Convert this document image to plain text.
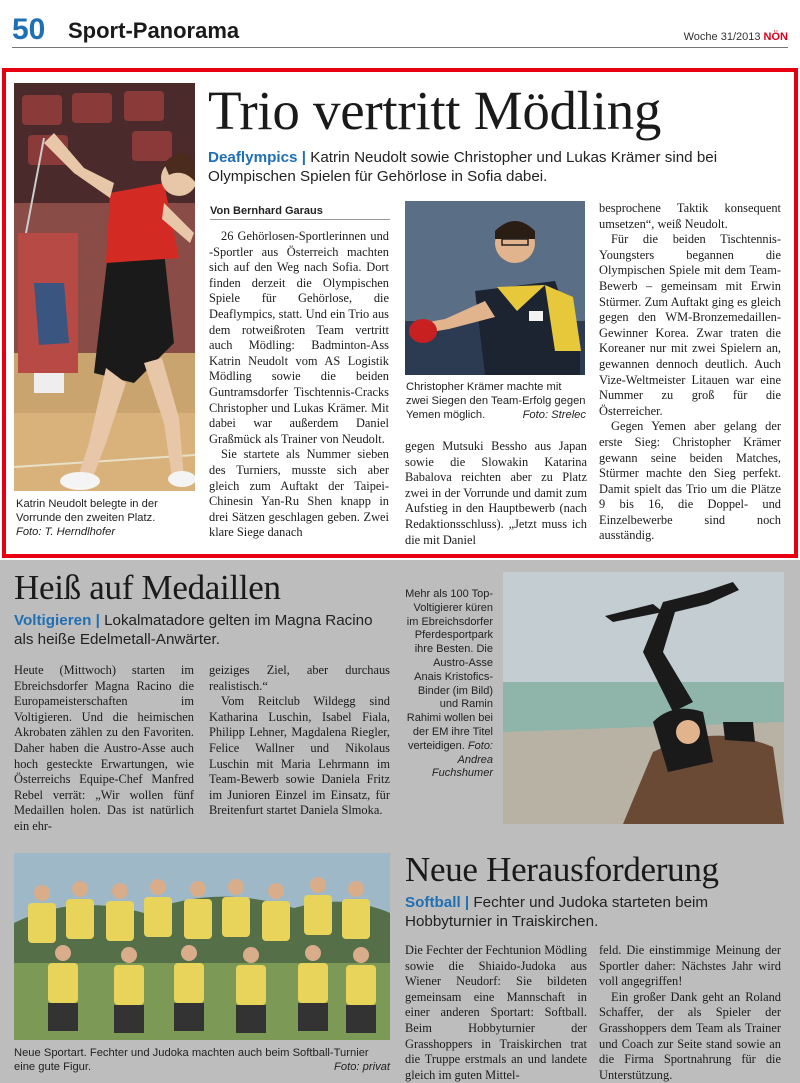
50 Sport-Panorama	Woche 31/2013 NÖN
Katrin Neudolt belegte in der Vorrunde den zweiten Platz.
Foto: T. Herndlhofer
Trio vertritt Mödling
Deaflympics | Katrin Neudolt sowie Christopher und Lukas Krämer sind bei Olympischen Spielen für Gehörlose in Sofia dabei.
Von Bernhard Garaus

26 Gehörlosen-Sportlerinnen und -Sportler aus Österreich machten sich auf den Weg nach Sofia. Dort finden derzeit die Olympischen Spiele für Gehörlose, die Deaflympics, statt. Und ein Trio aus dem rotweißroten Team vertritt auch Mödling: Badminton-Ass Katrin Neudolt vom AS Logistik Mödling sowie die beiden Guntramsdorfer Tischtennis-Cracks Christopher und Lukas Krämer. Mit dabei war außerdem Daniel Graßmück als Trainer von Neudolt.

Sie startete als Nummer sieben des Turniers, musste sich aber gleich zum Auftakt der Taipei-Chinesin Yan-Ru Shen knapp in drei Sätzen geschlagen geben. Zwei klare Siege danach

Christopher Krämer machte mit zwei Siegen den Team-Erfolg gegen Yemen möglich.	Foto: Strelec

gegen Mutsuki Bessho aus Japan sowie die Slowakin Katarina Babalova reichten aber zu Platz zwei in der Vorrunde und damit zum Aufstieg in den Hauptbewerb (nach Redaktionsschluss). „Jetzt muss ich die mit Daniel

besprochene Taktik konsequent umsetzen“, weiß Neudolt.

Für die beiden Tischtennis-Youngsters begannen die Olympischen Spiele mit dem Team-Bewerb – gemeinsam mit Erwin Stürmer. Zum Auftakt ging es gleich gegen den WM-Bronzemedaillen-Gewinner Korea. Zwar traten die Koreaner nur mit zwei Spielern an, gewannen dennoch deutlich. Auch Vize-Weltmeister Litauen war eine Nummer zu groß für die Österreicher.

Gegen Yemen aber gelang der erste Sieg: Christopher Krämer gewann seine beiden Matches, Stürmer machte den Sieg perfekt. Damit spielt das Trio um die Plätze 9 bis 16, die Doppel- und Einzelbewerbe sind noch ausständig.

Heiß auf Medaillen
Voltigieren | Lokalmatadore gelten im Magna Racino als heiße Edelmetall-Anwärter.

Heute (Mittwoch) starten im Ebreichsdorfer Magna Racino die Europameisterschaften im Voltigieren. Und die heimischen Akrobaten zählen zu den Favoriten. Daher haben die Austro-Asse auch hoch gesteckte Erwartungen, wie Österreichs Equipe-Chef Manfred Rebel verrät: „Wir wollen fünf Medaillen holen. Das ist natürlich ein ehr-

geiziges Ziel, aber durchaus realistisch.“

Vom Reitclub Wildegg sind Katharina Luschin, Isabel Fiala, Philipp Lehner, Magdalena Riegler, Felice Wallner und Nikolaus Luschin mit Maria Lehrmann im Team-Bewerb sowie Daniela Fritz im Junioren Einzel im Einsatz, für Breitenfurt startet Daniela Slmoka.

Mehr als 100 Top-Voltigierer küren im Ebreichsdorfer Pferdesportpark ihre Besten. Die Austro-Asse Anais Kristofics-Binder (im Bild) und Ramin Rahimi wollen bei der EM ihre Titel verteidigen. Foto: Andrea Fuchshumer
Neue Sportart. Fechter und Judoka machten auch beim Softball-Turnier eine gute Figur.	Foto: privat
Neue Herausforderung
Softball | Fechter und Judoka starteten beim Hobbyturnier in Traiskirchen.

Die Fechter der Fechtunion Mödling sowie die Shiaido-Judoka aus Wiener Neudorf: Sie bildeten gemeinsam eine Mannschaft in einer anderen Sportart: Softball. Beim Hobbyturnier der Grasshoppers in Traiskirchen trat die Truppe erstmals an und landete gleich im guten Mittel-

feld. Die einstimmige Meinung der Sportler daher: Nächstes Jahr wird voll angegriffen!

Ein großer Dank geht an Roland Schaffer, der als Spieler der Grasshoppers dem Team als Trainer und Coach zur Seite stand sowie an die Firma Sportnahrung für die Unterstützung.
